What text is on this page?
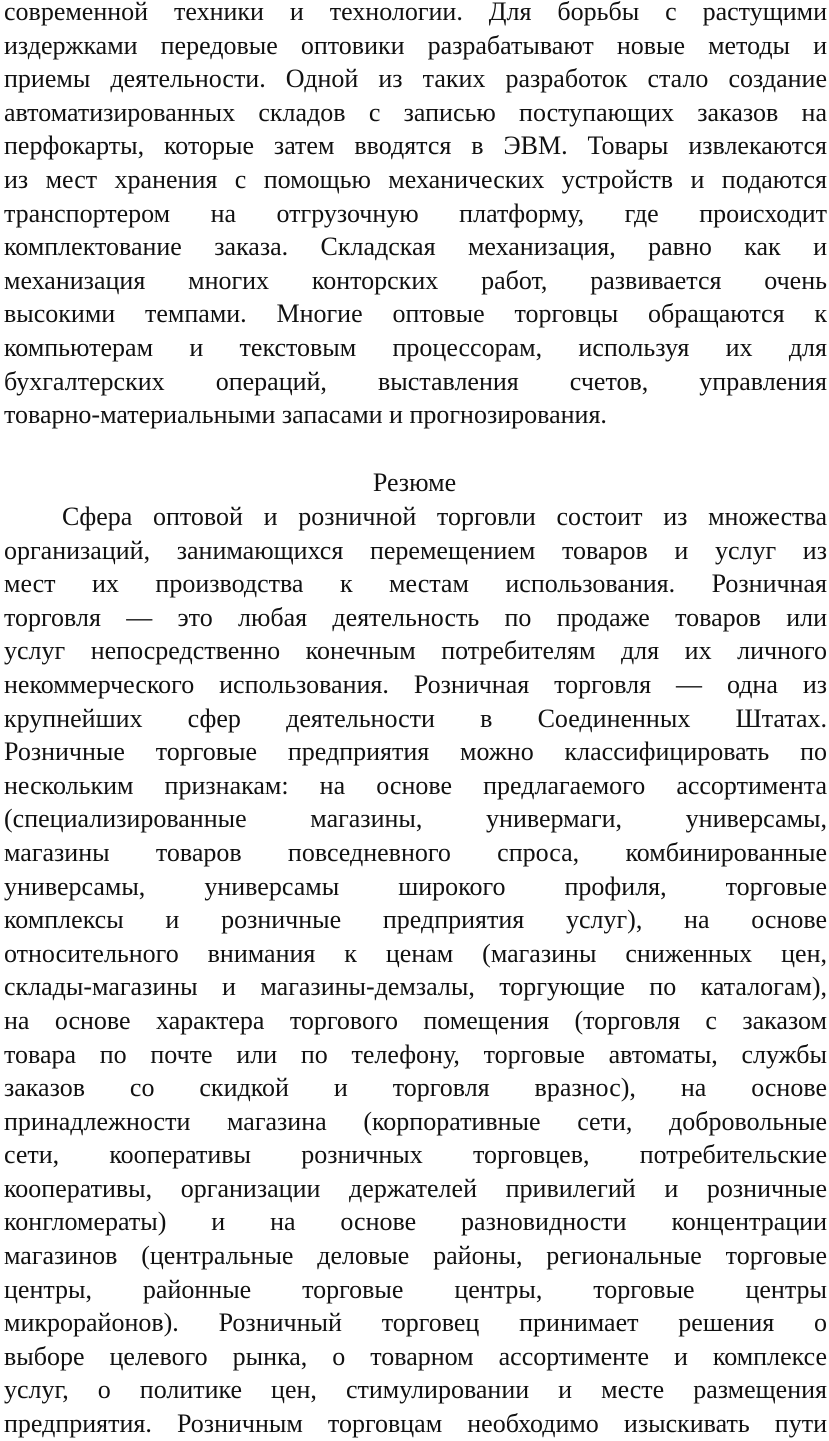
современной техники и технологии. Для борьбы с растущими
издержками передовые оптовики разрабатывают новые методы и
приемы деятельности. Одной из таких разработок стало создание
автоматизированных складов с записью поступающих заказов на
перфокарты, которые затем вводятся в ЭВМ. Товары извлекаются
из мест хранения с помощью механических устройств и подаются
транспортером на отгрузочную платформу, где происходит
комплектование заказа. Складская механизация, равно как и
механизация многих конторских работ, развивается очень
высокими темпами. Многие оптовые торговцы обращаются к
компьютерам и текстовым процессорам, используя их для
бухгалтерских операций, выставления счетов, управления
товарно-материальными запасами и прогнозирования.
Резюме
Сфера оптовой и розничной торговли состоит из множества
организаций, занимающихся перемещением товаров и услуг из
мест их производства к местам использования. Розничная
торговля — это любая деятельность по продаже товаров или
услуг непосредственно конечным потребителям для их личного
некоммерческого использования. Розничная торговля — одна из
крупнейших сфер деятельности в Соединенных Штатах.
Розничные торговые предприятия можно классифицировать по
нескольким признакам: на основе предлагаемого ассортимента
(специализированные магазины, универмаги, универсамы,
магазины товаров повседневного спроса, комбинированные
универсамы, универсамы широкого профиля, торговые
комплексы и розничные предприятия услуг), на основе
относительного внимания к ценам (магазины сниженных цен,
склады-магазины и магазины-демзалы, торгующие по каталогам),
на основе характера торгового помещения (торговля с заказом
товара по почте или по телефону, торговые автоматы, службы
заказов со скидкой и торговля вразнос), на основе
принадлежности магазина (корпоративные сети, добровольные
сети, кооперативы розничных торговцев, потребительские
кооперативы, организации держателей привилегий и розничные
конгломераты) и на основе разновидности концентрации
магазинов (центральные деловые районы, региональные торговые
центры, районные торговые центры, торговые центры
микрорайонов). Розничный торговец принимает решения о
выборе целевого рынка, о товарном ассортименте и комплексе
услуг, о политике цен, стимулировании и месте размещения
предприятия. Розничным торговцам необходимо изыскивать пути
